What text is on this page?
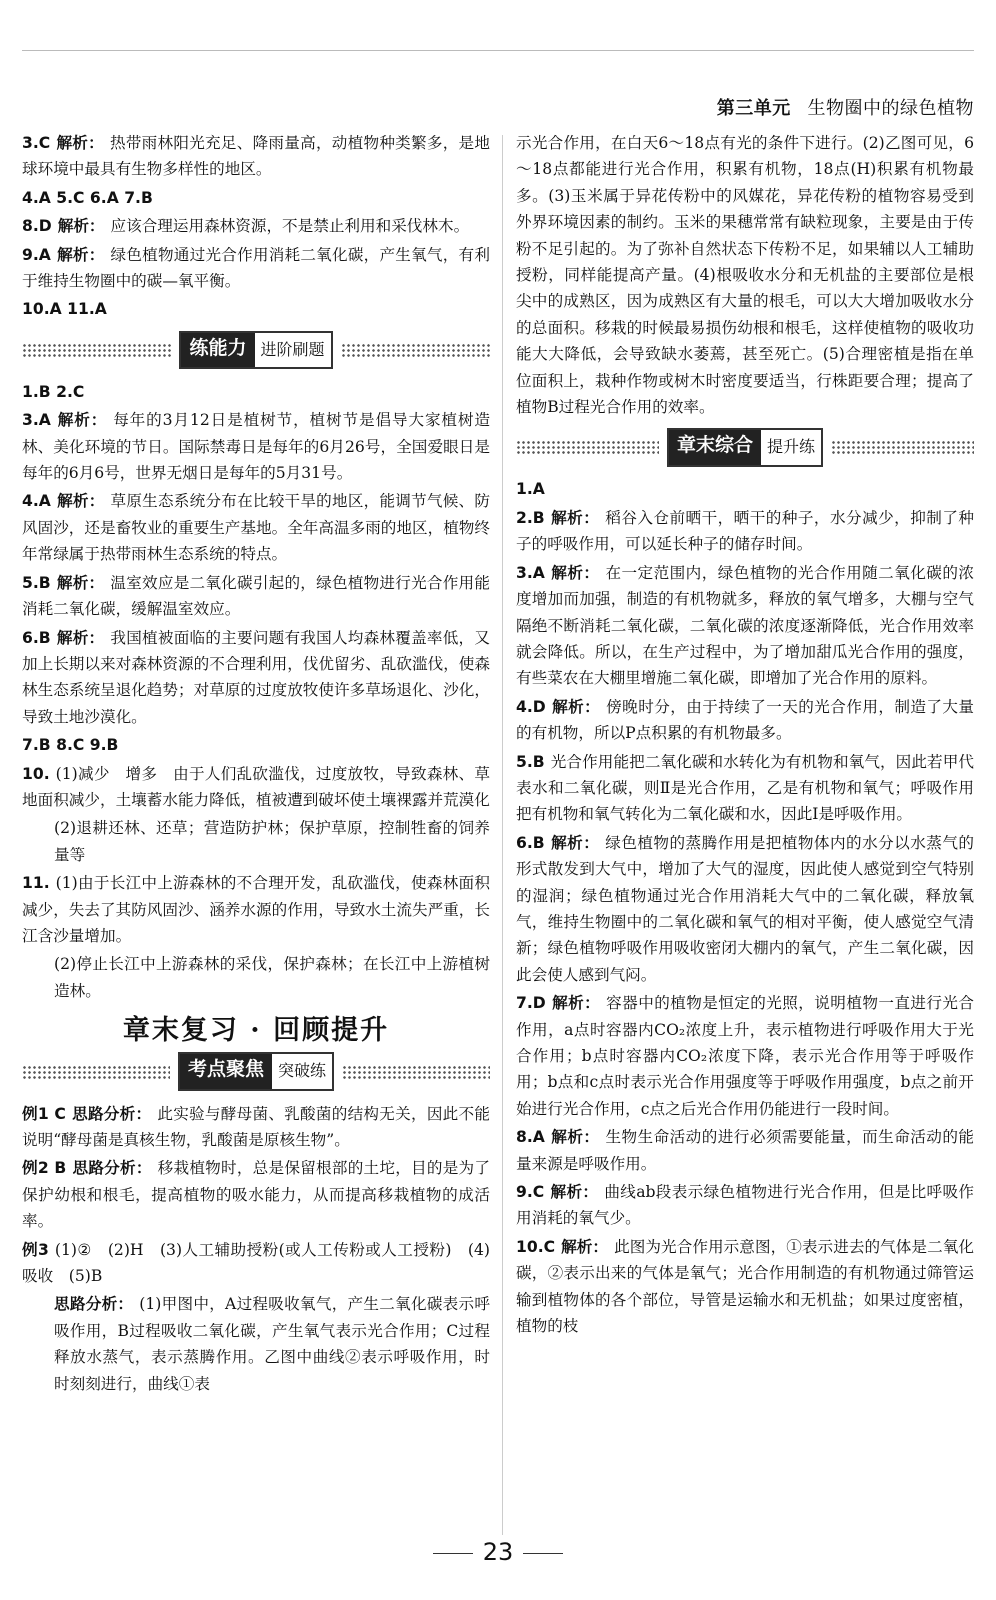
第三单元 生物圈中的绿色植物
3.C 解析： 热带雨林阳光充足、降雨量高，动植物种类繁多，是地球环境中最具有生物多样性的地区。
4.A 5.C 6.A 7.B
8.D 解析： 应该合理运用森林资源，不是禁止利用和采伐林木。
9.A 解析： 绿色植物通过光合作用消耗二氧化碳，产生氧气，有利于维持生物圈中的碳—氧平衡。
10.A 11.A
练能力 进阶刷题
1.B 2.C
3.A 解析： 每年的3月12日是植树节，植树节是倡导大家植树造林、美化环境的节日。国际禁毒日是每年的6月26号，全国爱眼日是每年的6月6号，世界无烟日是每年的5月31号。
4.A 解析： 草原生态系统分布在比较干旱的地区，能调节气候、防风固沙，还是畜牧业的重要生产基地。全年高温多雨的地区，植物终年常绿属于热带雨林生态系统的特点。
5.B 解析： 温室效应是二氧化碳引起的，绿色植物进行光合作用能消耗二氧化碳，缓解温室效应。
6.B 解析： 我国植被面临的主要问题有我国人均森林覆盖率低，又加上长期以来对森林资源的不合理利用，伐优留劣、乱砍滥伐，使森林生态系统呈退化趋势；对草原的过度放牧使许多草场退化、沙化，导致土地沙漠化。
7.B 8.C 9.B
10. (1)减少　增多　由于人们乱砍滥伐，过度放牧，导致森林、草地面积减少，土壤蓄水能力降低，植被遭到破坏使土壤裸露并荒漠化
(2)退耕还林、还草；营造防护林；保护草原，控制牲畜的饲养量等
11. (1)由于长江中上游森林的不合理开发，乱砍滥伐，使森林面积减少，失去了其防风固沙、涵养水源的作用，导致水土流失严重，长江含沙量增加。
(2)停止长江中上游森林的采伐，保护森林；在长江中上游植树造林。
章末复习 · 回顾提升
考点聚焦 突破练
例1 C 思路分析： 此实验与酵母菌、乳酸菌的结构无关，因此不能说明“酵母菌是真核生物，乳酸菌是原核生物”。
例2 B 思路分析： 移栽植物时，总是保留根部的土坨，目的是为了保护幼根和根毛，提高植物的吸水能力，从而提高移栽植物的成活率。
例3 (1)②　(2)H　(3)人工辅助授粉(或人工传粉或人工授粉)　(4)吸收　(5)B
思路分析： (1)甲图中，A过程吸收氧气，产生二氧化碳表示呼吸作用，B过程吸收二氧化碳，产生氧气表示光合作用；C过程释放水蒸气，表示蒸腾作用。乙图中曲线②表示呼吸作用，时时刻刻进行，曲线①表
示光合作用，在白天6～18点有光的条件下进行。(2)乙图可见，6～18点都能进行光合作用，积累有机物，18点(H)积累有机物最多。(3)玉米属于异花传粉中的风媒花，异花传粉的植物容易受到外界环境因素的制约。玉米的果穗常常有缺粒现象，主要是由于传粉不足引起的。为了弥补自然状态下传粉不足，如果辅以人工辅助授粉，同样能提高产量。(4)根吸收水分和无机盐的主要部位是根尖中的成熟区，因为成熟区有大量的根毛，可以大大增加吸收水分的总面积。移栽的时候最易损伤幼根和根毛，这样使植物的吸收功能大大降低，会导致缺水萎蔫，甚至死亡。(5)合理密植是指在单位面积上，栽种作物或树木时密度要适当，行株距要合理；提高了植物B过程光合作用的效率。
章末综合 提升练
1.A
2.B 解析： 稻谷入仓前晒干，晒干的种子，水分减少，抑制了种子的呼吸作用，可以延长种子的储存时间。
3.A 解析： 在一定范围内，绿色植物的光合作用随二氧化碳的浓度增加而加强，制造的有机物就多，释放的氧气增多，大棚与空气隔绝不断消耗二氧化碳，二氧化碳的浓度逐渐降低，光合作用效率就会降低。所以，在生产过程中，为了增加甜瓜光合作用的强度，有些菜农在大棚里增施二氧化碳，即增加了光合作用的原料。
4.D 解析： 傍晚时分，由于持续了一天的光合作用，制造了大量的有机物，所以P点积累的有机物最多。
5.B 光合作用能把二氧化碳和水转化为有机物和氧气，因此若甲代表水和二氧化碳，则Ⅱ是光合作用，乙是有机物和氧气；呼吸作用把有机物和氧气转化为二氧化碳和水，因此Ⅰ是呼吸作用。
6.B 解析： 绿色植物的蒸腾作用是把植物体内的水分以水蒸气的形式散发到大气中，增加了大气的湿度，因此使人感觉到空气特别的湿润；绿色植物通过光合作用消耗大气中的二氧化碳，释放氧气，维持生物圈中的二氧化碳和氧气的相对平衡，使人感觉空气清新；绿色植物呼吸作用吸收密闭大棚内的氧气，产生二氧化碳，因此会使人感到气闷。
7.D 解析： 容器中的植物是恒定的光照，说明植物一直进行光合作用，a点时容器内CO₂浓度上升，表示植物进行呼吸作用大于光合作用；b点时容器内CO₂浓度下降，表示光合作用等于呼吸作用；b点和c点时表示光合作用强度等于呼吸作用强度，b点之前开始进行光合作用，c点之后光合作用仍能进行一段时间。
8.A 解析： 生物生命活动的进行必须需要能量，而生命活动的能量来源是呼吸作用。
9.C 解析： 曲线ab段表示绿色植物进行光合作用，但是比呼吸作用消耗的氧气少。
10.C 解析： 此图为光合作用示意图，①表示进去的气体是二氧化碳，②表示出来的气体是氧气；光合作用制造的有机物通过筛管运输到植物体的各个部位，导管是运输水和无机盐；如果过度密植，植物的枝
23
